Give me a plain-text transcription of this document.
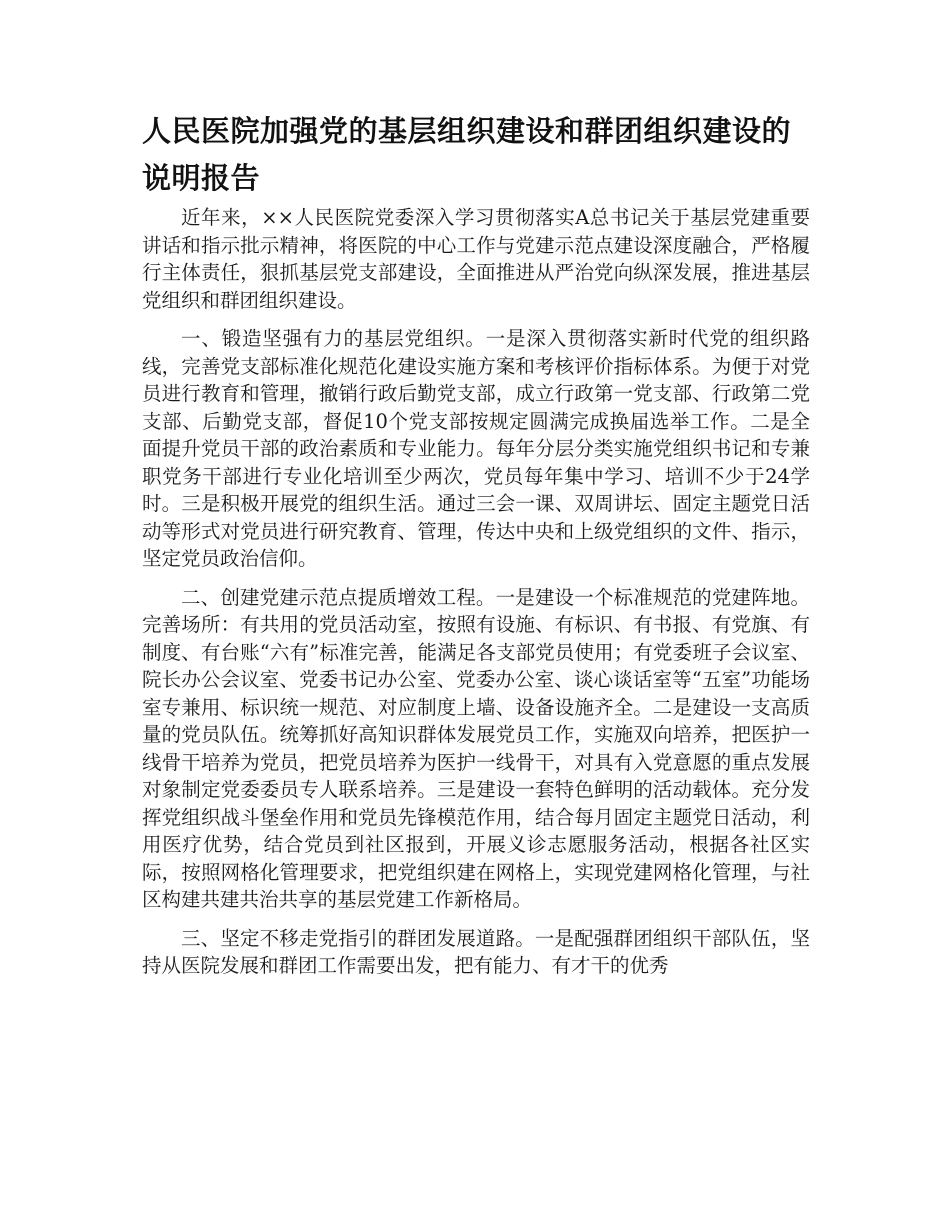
人民医院加强党的基层组织建设和群团组织建设的说明报告

近年来，××人民医院党委深入学习贯彻落实A总书记关于基层党建重要讲话和指示批示精神，将医院的中心工作与党建示范点建设深度融合，严格履行主体责任，狠抓基层党支部建设，全面推进从严治党向纵深发展，推进基层党组织和群团组织建设。

一、锻造坚强有力的基层党组织。一是深入贯彻落实新时代党的组织路线，完善党支部标准化规范化建设实施方案和考核评价指标体系。为便于对党员进行教育和管理，撤销行政后勤党支部，成立行政第一党支部、行政第二党支部、后勤党支部，督促10个党支部按规定圆满完成换届选举工作。二是全面提升党员干部的政治素质和专业能力。每年分层分类实施党组织书记和专兼职党务干部进行专业化培训至少两次，党员每年集中学习、培训不少于24学时。三是积极开展党的组织生活。通过三会一课、双周讲坛、固定主题党日活动等形式对党员进行研究教育、管理，传达中央和上级党组织的文件、指示，坚定党员政治信仰。

二、创建党建示范点提质增效工程。一是建设一个标准规范的党建阵地。完善场所：有共用的党员活动室，按照有设施、有标识、有书报、有党旗、有制度、有台账“六有”标准完善，能满足各支部党员使用；有党委班子会议室、院长办公会议室、党委书记办公室、党委办公室、谈心谈话室等“五室”功能场室专兼用、标识统一规范、对应制度上墙、设备设施齐全。二是建设一支高质量的党员队伍。统筹抓好高知识群体发展党员工作，实施双向培养，把医护一线骨干培养为党员，把党员培养为医护一线骨干，对具有入党意愿的重点发展对象制定党委委员专人联系培养。三是建设一套特色鲜明的活动载体。充分发挥党组织战斗堡垒作用和党员先锋模范作用，结合每月固定主题党日活动，利用医疗优势，结合党员到社区报到，开展义诊志愿服务活动，根据各社区实际，按照网格化管理要求，把党组织建在网格上，实现党建网格化管理，与社区构建共建共治共享的基层党建工作新格局。

三、坚定不移走党指引的群团发展道路。一是配强群团组织干部队伍，坚持从医院发展和群团工作需要出发，把有能力、有才干的优秀
